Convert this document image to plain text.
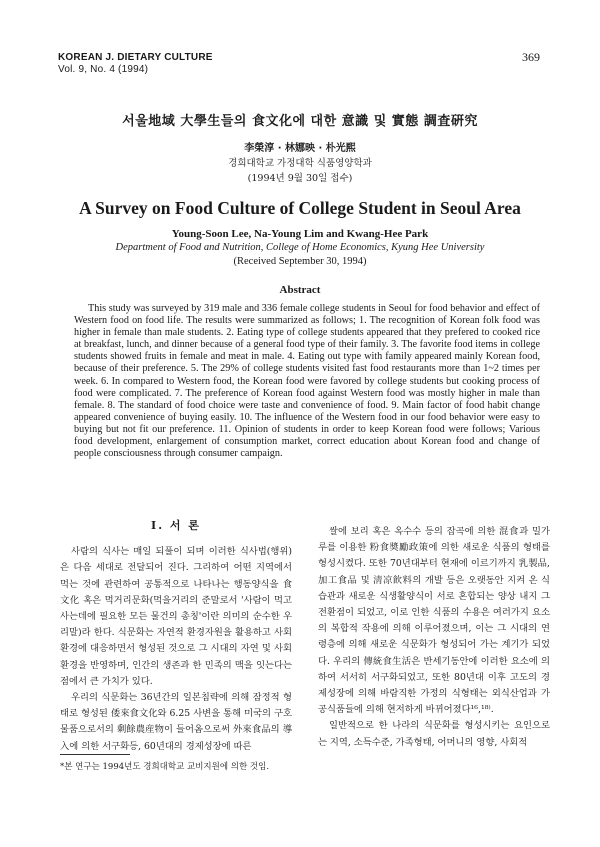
KOREAN J. DIETARY CULTURE
Vol. 9, No. 4 (1994)
369
서울地域 大學生들의 食文化에 대한 意識 및 實態 調査硏究
李榮淳 · 林娜映 · 朴光熙
경희대학교 가정대학 식품영양학과
(1994년 9월 30일 접수)
A Survey on Food Culture of College Student in Seoul Area
Young-Soon Lee, Na-Young Lim and Kwang-Hee Park
Department of Food and Nutrition, College of Home Economics, Kyung Hee University
(Received September 30, 1994)
Abstract

This study was surveyed by 319 male and 336 female college students in Seoul for food behavior and effect of Western food on food life. The results were summarized as follows; 1. The recognition of Korean folk food was higher in female than male students. 2. Eating type of college students appeared that they prefered to cooked rice at breakfast, lunch, and dinner because of a general food type of their family. 3. The favorite food items in college students showed fruits in female and meat in male. 4. Eating out type with family appeared mainly Korean food, because of their preference. 5. The 29% of college students visited fast food restaurants more than 1~2 times per week. 6. In compared to Western food, the Korean food were favored by college students but cooking process of food were complicated. 7. The preference of Korean food against Western food was mostly higher in male than female. 8. The standard of food choice were taste and convenience of food. 9. Main factor of food habit change appeared convenience of buying easily. 10. The influence of the Western food in our food behavior were easy to buying but not fit our preference. 11. Opinion of students in order to keep Korean food were follows; Various food development, enlargement of consumption market, correct education about Korean food and change of people consciousness through consumer campaign.

I. 서 론

사람의 식사는 매일 되풀이 되며 이러한 식사법(행위)은 다음 세대로 전달되어 진다. 그리하여 어떤 지역에서 먹는 것에 관련하여 공통적으로 나타나는 행동양식을 食文化 혹은 먹거리문화(먹을거리의 준말로서 '사람이 먹고 사는데에 필요한 모든 물건의 총칭'이란 의미의 순수한 우리말)라 한다. 식문화는 자연적 환경자원을 활용하고 사회환경에 대응하면서 형성된 것으로 그 시대의 자연 및 사회환경을 반영하며, 인간의 생존과 한 민족의 맥을 잇는다는 점에서 큰 가치가 있다.

우리의 식문화는 36년간의 일본침략에 의해 잠정적 형태로 형성된 倭來食文化와 6.25 사변을 통해 미국의 구호물품으로서의 剩餘農産物이 들어옴으로써 外來食品의 導入에 의한 서구화등, 60년대의 경제성장에 따른

쌀에 보리 혹은 옥수수 등의 잡곡에 의한 混食과 밀가루를 이용한 粉食奬勵政策에 의한 새로운 식품의 형태를 형성시켰다. 또한 70년대부터 현재에 이르기까지 乳製品, 加工食品 및 淸凉飮料의 개발 등은 오랫동안 지켜 온 식습관과 새로운 식생활양식이 서로 혼합되는 양상 내지 그 전환점이 되었고, 이로 인한 식품의 수용은 여러가지 요소의 복합적 작용에 의해 이루어졌으며, 이는 그 시대의 연령층에 의해 새로운 식문화가 형성되어 가는 계기가 되었다. 우리의 傳統食生活은 반세기동안에 이러한 요소에 의하여 서서히 서구화되었고, 또한 80년대 이후 고도의 경제성장에 의해 바람직한 가정의 식형태는 외식산업과 가공식품들에 의해 현저하게 바뀌어졌다¹⁶,¹⁸⁾.

일반적으로 한 나라의 식문화를 형성시키는 요인으로는 지역, 소득수준, 가족형태, 어머니의 영향, 사회적

*본 연구는 1994년도 경희대학교 교비지원에 의한 것임.
